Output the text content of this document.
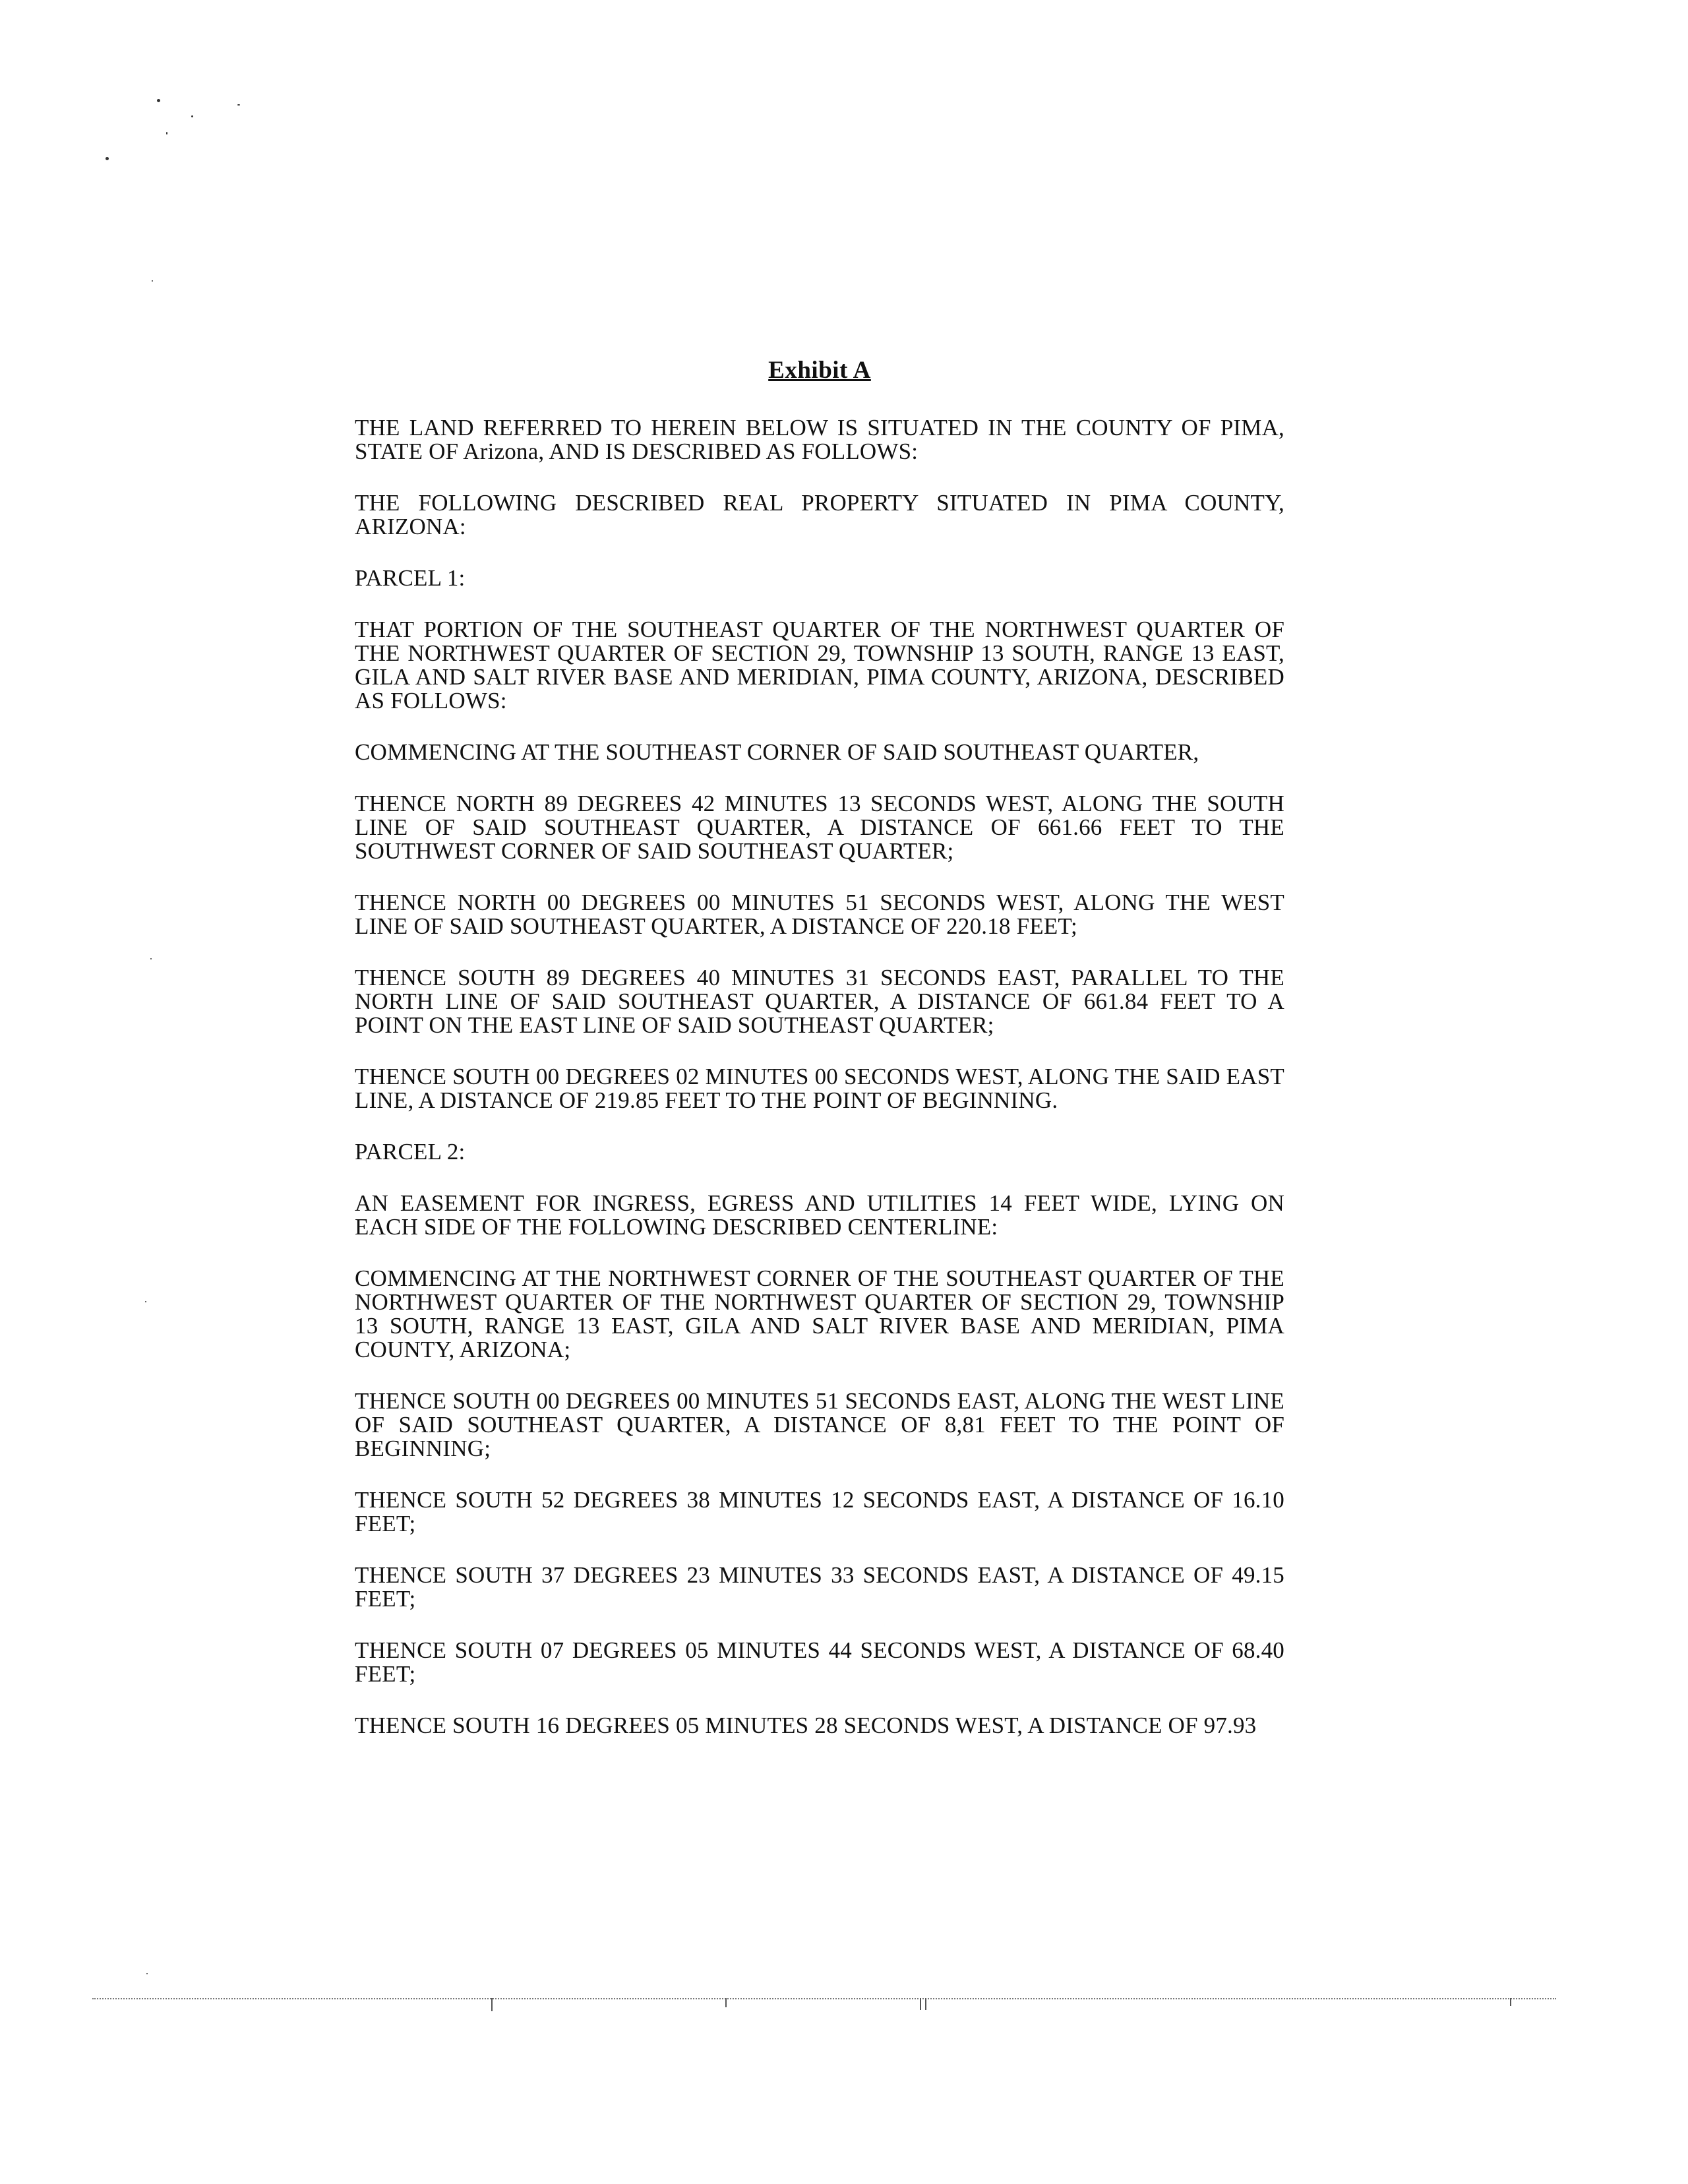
Exhibit A

THE LAND REFERRED TO HEREIN BELOW IS SITUATED IN THE COUNTY OF PIMA, STATE OF Arizona, AND IS DESCRIBED AS FOLLOWS:

THE FOLLOWING DESCRIBED REAL PROPERTY SITUATED IN PIMA COUNTY, ARIZONA:

PARCEL 1:

THAT PORTION OF THE SOUTHEAST QUARTER OF THE NORTHWEST QUARTER OF THE NORTHWEST QUARTER OF SECTION 29, TOWNSHIP 13 SOUTH, RANGE 13 EAST, GILA AND SALT RIVER BASE AND MERIDIAN, PIMA COUNTY, ARIZONA, DESCRIBED AS FOLLOWS:

COMMENCING AT THE SOUTHEAST CORNER OF SAID SOUTHEAST QUARTER,

THENCE NORTH 89 DEGREES 42 MINUTES 13 SECONDS WEST, ALONG THE SOUTH LINE OF SAID SOUTHEAST QUARTER, A DISTANCE OF 661.66 FEET TO THE SOUTHWEST CORNER OF SAID SOUTHEAST QUARTER;

THENCE NORTH 00 DEGREES 00 MINUTES 51 SECONDS WEST, ALONG THE WEST LINE OF SAID SOUTHEAST QUARTER, A DISTANCE OF 220.18 FEET;

THENCE SOUTH 89 DEGREES 40 MINUTES 31 SECONDS EAST, PARALLEL TO THE NORTH LINE OF SAID SOUTHEAST QUARTER, A DISTANCE OF 661.84 FEET TO A POINT ON THE EAST LINE OF SAID SOUTHEAST QUARTER;

THENCE SOUTH 00 DEGREES 02 MINUTES 00 SECONDS WEST, ALONG THE SAID EAST LINE, A DISTANCE OF 219.85 FEET TO THE POINT OF BEGINNING.

PARCEL 2:

AN EASEMENT FOR INGRESS, EGRESS AND UTILITIES 14 FEET WIDE, LYING ON EACH SIDE OF THE FOLLOWING DESCRIBED CENTERLINE:

COMMENCING AT THE NORTHWEST CORNER OF THE SOUTHEAST QUARTER OF THE NORTHWEST QUARTER OF THE NORTHWEST QUARTER OF SECTION 29, TOWNSHIP 13 SOUTH, RANGE 13 EAST, GILA AND SALT RIVER BASE AND MERIDIAN, PIMA COUNTY, ARIZONA;

THENCE SOUTH 00 DEGREES 00 MINUTES 51 SECONDS EAST, ALONG THE WEST LINE OF SAID SOUTHEAST QUARTER, A DISTANCE OF 8,81 FEET TO THE POINT OF BEGINNING;

THENCE SOUTH 52 DEGREES 38 MINUTES 12 SECONDS EAST, A DISTANCE OF 16.10 FEET;

THENCE SOUTH 37 DEGREES 23 MINUTES 33 SECONDS EAST, A DISTANCE OF 49.15 FEET;

THENCE SOUTH 07 DEGREES 05 MINUTES 44 SECONDS WEST, A DISTANCE OF 68.40 FEET;

THENCE SOUTH 16 DEGREES 05 MINUTES 28 SECONDS WEST, A DISTANCE OF 97.93
